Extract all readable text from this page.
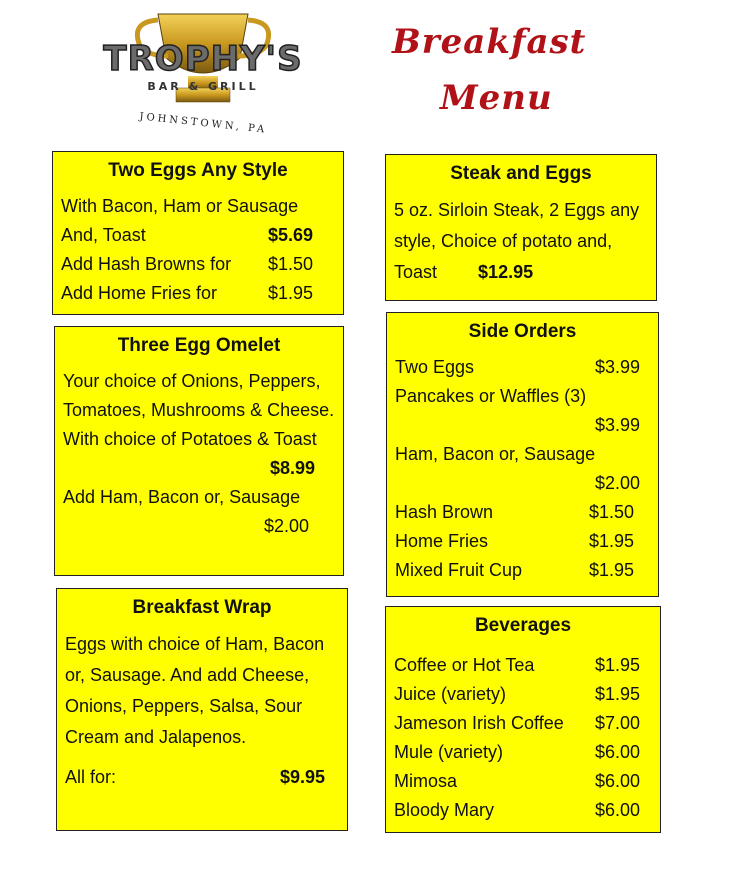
TROPHY'S
BAR & GRILL
JOHNSTOWN, PA
Breakfast
Menu
Two Eggs Any Style

With Bacon, Ham or Sausage

And, Toast	$5.69
Add Hash Browns for $1.50
Add Home Fries for	$1.95
Three Egg Omelet

Your choice of Onions, Peppers, Tomatoes, Mushrooms & Cheese. With choice of Potatoes & Toast

$8.99

Add Ham, Bacon or, Sausage

$2.00
Breakfast Wrap

Eggs with choice of Ham, Bacon or, Sausage. And add Cheese, Onions, Peppers, Salsa, Sour Cream and Jalapenos.

All for:	$9.95
Steak and Eggs

5 oz. Sirloin Steak, 2 Eggs any style, Choice of potato and, Toast $12.95

Side Orders
Two Eggs	$3.99
Pancakes or Waffles (3)
$3.99
Ham, Bacon or, Sausage
$2.00
Hash Brown	$1.50
Home Fries	$1.95
Mixed Fruit Cup	$1.95
Beverages
Coffee or Hot Tea	$1.95
Juice (variety)	$1.95
Jameson Irish Coffee $7.00
Mule (variety)	$6.00
Mimosa	$6.00
Bloody Mary	$6.00
